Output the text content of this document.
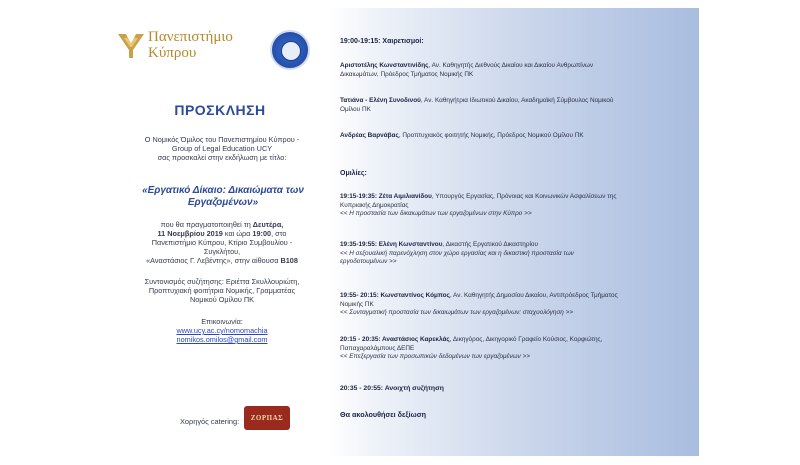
Πανεπιστήμιο
Κύπρου
ΠΡΟΣΚΛΗΣΗ
Ο Νομικός Όμιλος του Πανεπιστημίου Κύπρου -
Group of Legal Education UCY
σας προσκαλεί στην εκδήλωση με τίτλο:
«Εργατικό Δίκαιο: Δικαιώματα των
Εργαζομένων»
που θα πραγματοποιηθεί τη Δευτέρα,
11 Νοεμβρίου 2019 και ώρα 19:00, στο
Πανεπιστήμιο Κύπρου, Κτίριο Συμβουλίου -
Συγκλήτου,
«Αναστάσιος Γ. Λεβέντης», στην αίθουσα B108
Συντονισμός συζήτησης: Εριέττα Σκυλλουριώτη,
Προπτυχιακή φοιτήτρια Νομικής, Γραμματέας
Νομικού Ομίλου ΠΚ
Επικοινωνία:
www.ucy.ac.cy/nomomachia
nomikos.omilos@gmail.com
Χορηγός catering:	ΖΟΡΠΑΣ
19:00-19:15: Χαιρετισμοί:
Αριστοτέλης Κωνσταντινίδης, Αν. Καθηγητής Διεθνούς Δικαίου και Δικαίου Ανθρωπίνων
Δικαιωμάτων, Πρόεδρος Τμήματος Νομικής ΠΚ
Τατιάνα - Ελένη Συνοδινού, Αν. Καθηγήτρια Ιδιωτικού Δικαίου, Ακαδημαϊκή Σύμβουλος Νομικού
Ομίλου ΠΚ
Ανδρέας Βαρνάβας, Προπτυχιακός φοιτητής Νομικής, Πρόεδρος Νομικού Ομίλου ΠΚ
Ομιλίες:
19:15-19:35: Ζέτα Αιμιλιανίδου, Υπουργός Εργασίας, Πρόνοιας και Κοινωνικών Ασφαλίσεων της
Κυπριακής Δημοκρατίας
<< Η προστασία των δικαιωμάτων των εργαζομένων στην Κύπρο >>
19:35-19:55: Ελένη Κωνσταντίνου, Δικαστής Εργατικού Δικαστηρίου
<< Η σεξουαλική παρενόχληση στον χώρο εργασίας και η δικαστική προστασία των
εργοδοτουμένων >>
19:55- 20:15: Κωνσταντίνος Κόμπος, Αν. Καθηγητής Δημοσίου Δικαίου, Αντιπρόεδρος Τμήματος
Νομικής ΠΚ
<< Συνταγματική προστασία των δικαιωμάτων των εργαζομένων: σταχυολόγηση >>
20:15 - 20:35: Αναστάσιος Καρεκλάς, Δικηγόρος, Δικηγορικό Γραφείο Κούσιος, Κορφιώτης,
Παπαχαραλάμπους ΔΕΠΕ
<< Επεξεργασία των προσωπικών δεδομένων των εργαζομένων >>
20:35 - 20:55: Ανοιχτή συζήτηση
Θα ακολουθήσει δεξίωση
